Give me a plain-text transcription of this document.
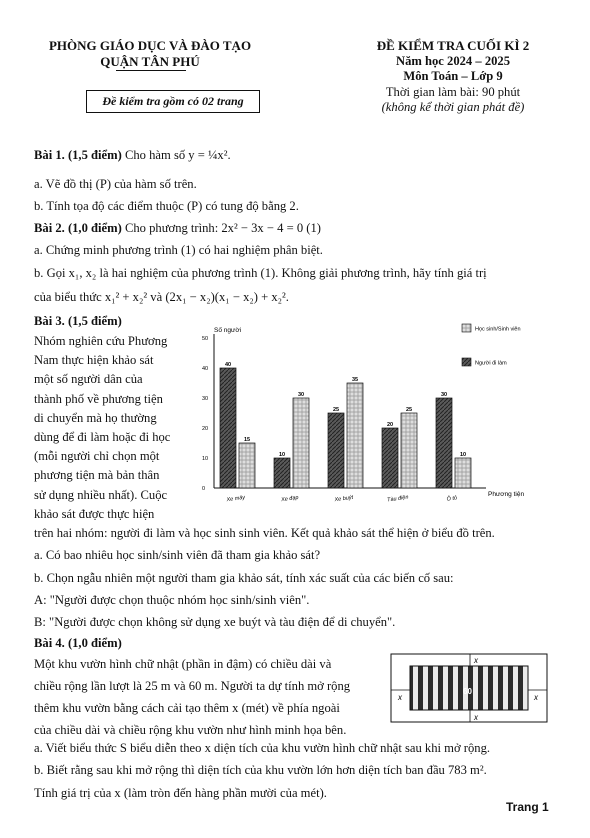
PHÒNG GIÁO DỤC VÀ ĐÀO TẠO
QUẬN TÂN PHÚ
Đề kiểm tra gồm có 02 trang
ĐỀ KIỂM TRA CUỐI KÌ 2
Năm học 2024 – 2025
Môn Toán – Lớp 9
Thời gian làm bài: 90 phút
(không kể thời gian phát đề)
Bài 1. (1,5 điểm) Cho hàm số y = ¼x².
a. Vẽ đồ thị (P) của hàm số trên.
b. Tính tọa độ các điểm thuộc (P) có tung độ bằng 2.
Bài 2. (1,0 điểm) Cho phương trình: 2x² − 3x − 4 = 0 (1)
a. Chứng minh phương trình (1) có hai nghiệm phân biệt.
b. Gọi x₁, x₂ là hai nghiệm của phương trình (1). Không giải phương trình, hãy tính giá trị
của biểu thức x₁² + x₂² và (2x₁ − x₂)(x₁ − x₂) + x₂².
Bài 3. (1,5 điểm)
Nhóm nghiên cứu Phương
Nam thực hiện khảo sát
một số người dân của
thành phố về phương tiện
di chuyển mà họ thường
dùng để đi làm hoặc đi học
(mỗi người chỉ chọn một
phương tiện mà bản thân
sử dụng nhiều nhất). Cuộc
khảo sát được thực hiện
0
10
20
30
40
50
40
15
10
30
25
35
20
25
30
10
Xe máy	Xe đạp	Xe buýt	Tàu điện	Ô tô
Số người
Phương tiện
Học sinh/Sinh viên
Người đi làm
trên hai nhóm: người đi làm và học sinh sinh viên. Kết quả khảo sát thể hiện ở biểu đồ trên.
a. Có bao nhiêu học sinh/sinh viên đã tham gia khảo sát?
b. Chọn ngẫu nhiên một người tham gia khảo sát, tính xác suất của các biến cố sau:
A: "Người được chọn thuộc nhóm học sinh/sinh viên".
B: "Người được chọn không sử dụng xe buýt và tàu điện để di chuyển".
Bài 4. (1,0 điểm)
Một khu vườn hình chữ nhật (phần in đậm) có chiều dài và
chiều rộng lần lượt là 25 m và 60 m. Người ta dự tính mở rộng
thêm khu vườn bằng cách cải tạo thêm x (mét) về phía ngoài
của chiều dài và chiều rộng khu vườn như hình minh họa bên.
x
x
x	x
60
a. Viết biểu thức S biểu diễn theo x diện tích của khu vườn hình chữ nhật sau khi mở rộng.
b. Biết rằng sau khi mở rộng thì diện tích của khu vườn lớn hơn diện tích ban đầu 783 m².
Tính giá trị của x (làm tròn đến hàng phần mười của mét).
Trang 1
